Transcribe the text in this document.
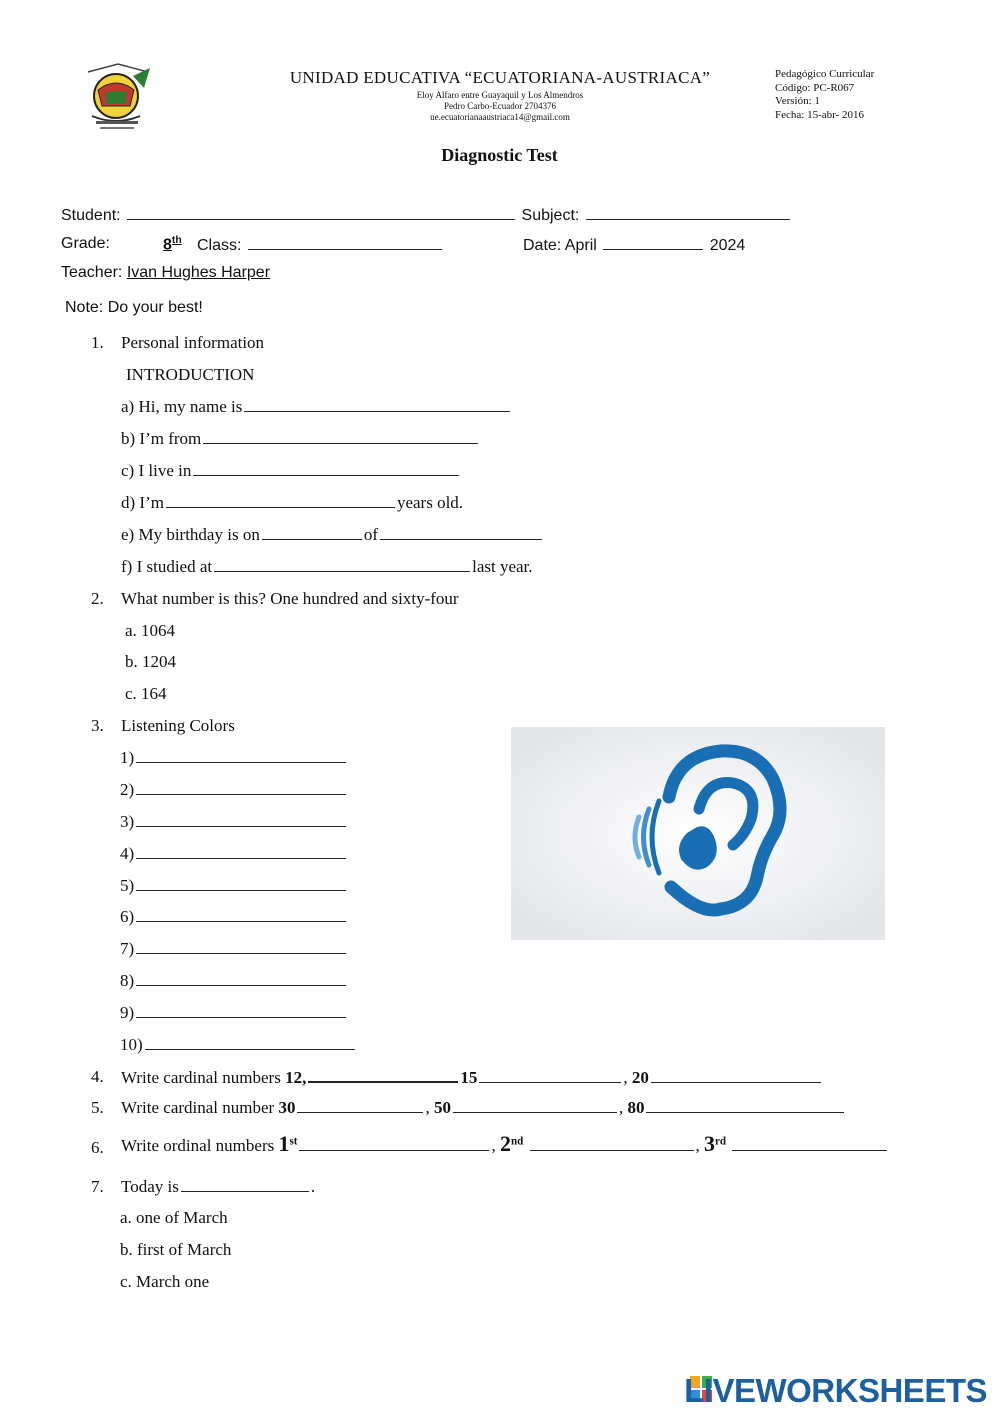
UNIDAD EDUCATIVA “ECUATORIANA-AUSTRIACA”
Eloy Alfaro entre Guayaquil y Los Almendros
Pedro Carbo-Ecuador 2704376
ue.ecuatorianaaustriaca14@gmail.com
Pedagógico Curricular
Código: PC-R067
Versión: 1
Fecha: 15-abr- 2016
Diagnostic Test
Student:	Subject:
Grade:	8th Class:	Date: April	2024
Teacher: Ivan Hughes Harper
Note: Do your best!
1. Personal information
INTRODUCTION
a) Hi, my name is
b) I’m from
c) I live in
d) I’m	years old.
e) My birthday is on	of
f) I studied at	last year.
2. What number is this? One hundred and sixty-four
a. 1064
b. 1204
c. 164
3. Listening Colors
1)
2)
3)
4)
5)
6)
7)
8)
9)
10)
4. Write cardinal numbers 12,	15	, 20
5. Write cardinal number 30	, 50	, 80
6. Write ordinal numbers 1st	, 2nd	, 3rd
7. Today is	.
a. one of March
b. first of March
c. March one
LIVEWORKSHEETS
